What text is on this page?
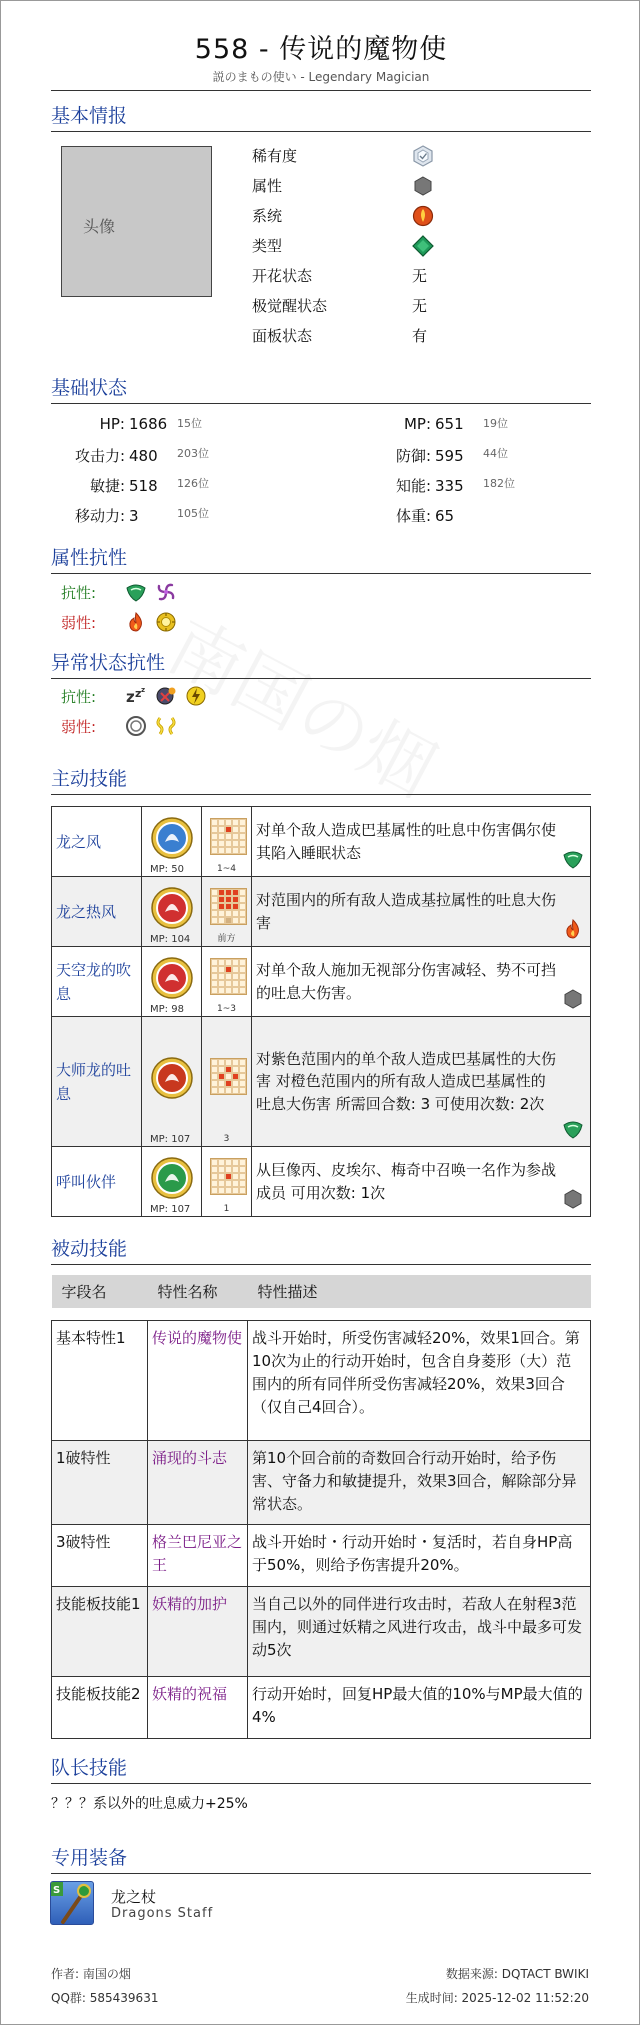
558 - 传说的魔物使
説のまもの使い - Legendary Magician
基本情报
头像
稀有度
属性
系统
类型
开花状态	无
极觉醒状态	无
面板状态	有
基础状态
HP: 1686 15位	MP: 651 19位
攻击力: 480 203位	防御: 595 44位
敏捷: 518 126位	知能: 335 182位
移动力: 3	105位	体重: 65
属性抗性
抗性:
弱性:
异常状态抗性
抗性: z z z
弱性:
主动技能
龙之风	MP: 50	1~4	对单个敌人造成巴基属性的吐息中伤害偶尔使其陷入睡眠状态

龙之热风	MP: 104	前方	对范围内的所有敌人造成基拉属性的吐息大伤害

天空龙的吹息	MP: 98	1~3	对单个敌人施加无视部分伤害减轻、势不可挡的吐息大伤害。

大师龙的吐息	MP: 107	3	对紫色范围内的单个敌人造成巴基属性的大伤害 对橙色范围内的所有敌人造成巴基属性的吐息大伤害 所需回合数: 3 可使用次数: 2次

呼叫伙伴	MP: 107	1	从巨像丙、皮埃尔、梅奇中召唤一名作为参战成员 可用次数: 1次
被动技能
字段名	特性名称	特性描述

基本特性1	传说的魔物使	战斗开始时，所受伤害减轻20%，效果1回合。第10次为止的行动开始时，包含自身菱形（大）范围内的所有同伴所受伤害减轻20%，效果3回合（仅自己4回合）。
1破特性	涌现的斗志	第10个回合前的奇数回合行动开始时，给予伤害、守备力和敏捷提升，效果3回合，解除部分异常状态。
3破特性	格兰巴尼亚之王	战斗开始时・行动开始时・复活时，若自身HP高于50%，则给予伤害提升20%。
技能板技能1	妖精的加护	当自己以外的同伴进行攻击时，若敌人在射程3范围内，则通过妖精之风进行攻击，战斗中最多可发动5次
技能板技能2	妖精的祝福	行动开始时，回复HP最大值的10%与MP最大值的4%
队长技能
？？？系以外的吐息威力+25%
专用装备
S	龙之杖
Dragons Staff
作者: 南国の烟
QQ群: 585439631
数据来源: DQTACT BWIKI
生成时间: 2025-12-02 11:52:20
